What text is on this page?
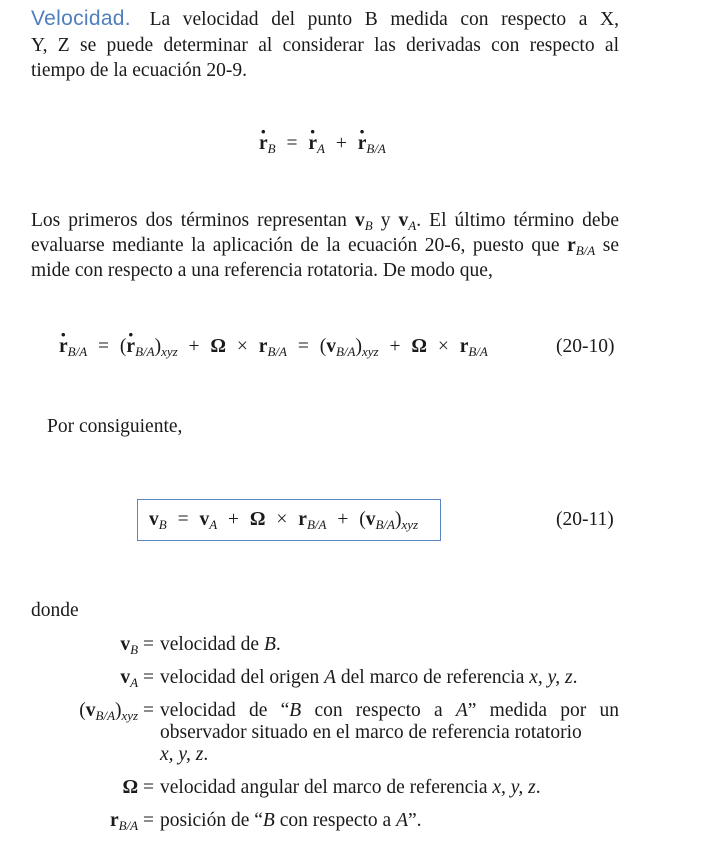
Velocidad. La velocidad del punto B medida con respecto a X,
Y, Z se puede determinar al considerar las derivadas con respecto al
tiempo de la ecuación 20-9.
· $r_B$ = · $r_A$ + · $r_{B/A}$
Los primeros dos términos representan $v_B$ y $v_A$. El último término debe
evaluarse mediante la aplicación de la ecuación 20-6, puesto que $r_{B/A}$ se
mide con respecto a una referencia rotatoria. De modo que,
· $r_{B/A}$ = (· $r_{B/A})_{xyz} + \Omega \times r_{B/A} = (v_{B/A})_{xyz} + \Omega \times r_{B/A}$	(20-10)
Por consiguiente,
$v_B = v_A + \Omega \times r_{B/A} + (v_{B/A})_{xyz}$	(20-11)
donde
$v_B$ = velocidad de B.
$v_A$ = velocidad del origen A del marco de referencia x, y, z.
$(v_{B/A})_{xyz}$ = velocidad de “B con respecto a A” medida por un
observador situado en el marco de referencia rotatorio
x, y, z.
Ω = velocidad angular del marco de referencia x, y, z.
$r_{B/A}$ = posición de “B con respecto a A”.
